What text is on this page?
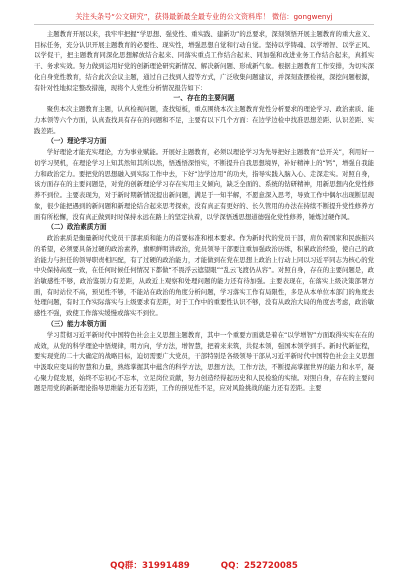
关注头条号“公文研究”，获得最新最全最专业的公文资料库！ 微信：gongwenyj

主题教育开展以来，我牢牢把握“学思想、强党性、重实践、建新功”的总要求，深刻领悟开展主题教育的重大意义、目标任务，充分认识开展主题教育的必要性、现实性，增强思想自觉和行动自觉。坚持以学铸魂、以学增智、以学正风、以学促干，把主题教育同深化思想解放结合起来、同落实重点工作结合起来、同加强和改进业务工作结合起来，真抓实干、务求实效。努力做到运用好党的创新理论研究新情况、解决新问题、形成新气象。根据主题教育工作安排，为切实深化自身党性教育，结合此次会议主题，通过自己找到人提等方式，广泛收集问题建议，并深刻查摆检视，深挖问题根源，有针对性地拟定整改措施，现将个人党性分析情况报告如下：

一、存在的主要问题

聚焦本次主题教育主题，认真检视问题，查找短板，重点围绕本次主题教育党性分析要求的理论学习、政治素质、能力本领等六个方面，认真查找具有存在的问题和不足，主要有以下几个方面：在边学边检中找准思想差距、认识差距、实践差距。

（一）理论学习方面

学好理论才能充实理论，方为事业赋能。开展好主题教育，必须以理论学习为先导把好主题教育“总开关”，利用好一切学习契机，在理论学习上知其然知其所以然，悟透悟深悟实，不断提升自我思想境界，补好精神上的“钙”，增强自我能力和政治定力。要把党的思想融入到实际工作中去，下好“边学边用”的功夫，指导实践入脑入心、走深走实。对照自身，该方面存在的主要问题是，对党的创新理论学习存在实用主义倾向，缺乏全面的、系统的钻研精神，用新思想内化党性修养不到位。主要表现为，对于新时期新情况提出新问题，满足于一知半解，不愿意深入思考，导致工作中偶尔出现断层现象，很少能把遇到的新问题和新理论结合起来思考探索，没有真正有更好的、长久管用的办法在持续不断提升党性修养方面有所松懈，没有真正做到时时保持永远在路上的坚定执着，以学深悟透思想道德强化党性修养，锤炼过硬作风。

（二）政治素质方面

政治素质是衡量新时代党员干部素质和能力的首要标准和根本要求。作为新时代的党员干部，肩负着国家和民族振兴的希望，必须要具备过硬的政治素养，旗帜鲜明讲政治，党员领导干部要注重加强政治历练，积累政治经验，使自己的政治能力与担任的领导职责相匹配，有了过硬的政治能力，才能做到在党在思想上政治上行动上同以习近平同志为核心的党中央保持高度一致，在任何时候任何情况下都做“不畏浮云遮望眼”“乱云飞渡仍从容”。对照自身，存在的主要问题是，政治敏感性不够，政治鉴别力有差距，从政近上观察和处理问题的能力还有待加强。主要表现在，在落实上级决策部署方面，有时站位不高，预见性不够，不能站在政治的角度分析问题，学习落实工作有局限性，多是从本单位本部门的角度去处理问题，有时工作实际落实与上级要求有差距，对于工作中的重要性认识不够，没有从政治大局的角度去考虑，政治敏感性不强，致使工作落实缓慢或落实不到位。

（三）能力本领方面

学习贯彻习近平新时代中国特色社会主义思想主题教育，其中一个重要方面就是着在“以学增智”方面取得实实在在的成效，从党的科学理论中悟规律，明方向，学方法，增智慧，把着来来筑，共促本领，强国本领学到手。新时代新征程，要实现党的二十大确定的战略目标，迫切需要广大党员，干部特别是各级领导干部从习近平新时代中国特色社会主义思想中汲取应变局的智慧和力量，熟练掌握其中蕴含的科学方法，思想方法，工作方法，不断提高掌握世界的能力和水平，凝心聚力促发展，始终不忘初心不忘本，立足岗位贡献，努力创造经得起历史和人民检验的实绩。对照自身，存在的主要问题是用党的新新理论指导思维能力还有差距，工作的预见性不足，应对风险挑战的能力还有差距。主要

QQ群：31991489	QQ：252720085
